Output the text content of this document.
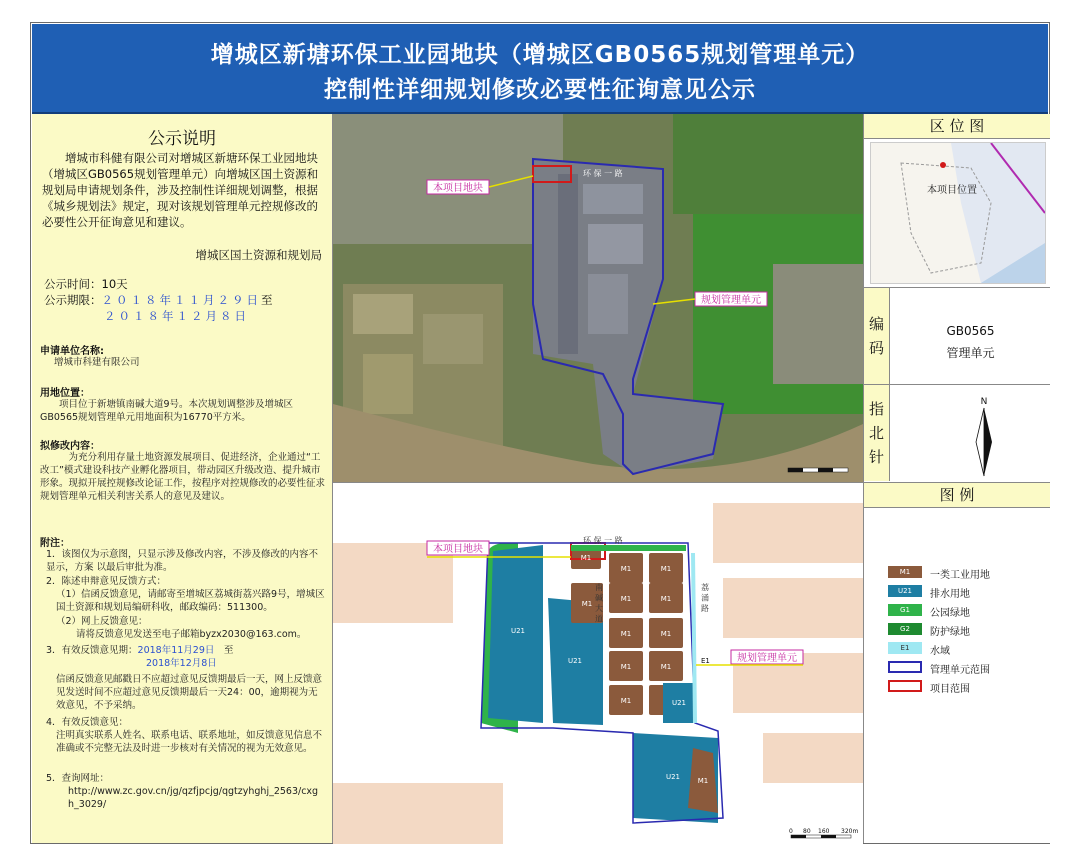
增城区新塘环保工业园地块（增城区GB0565规划管理单元）
控制性详细规划修改必要性征询意见公示
公示说明
增城市科健有限公司对增城区新塘环保工业园地块（增城区GB0565规划管理单元）向增城区国土资源和规划局申请规划条件，涉及控制性详细规划调整，根据《城乡规划法》规定，现对该规划管理单元控规修改的必要性公开征询意见和建议。
增城区国土资源和规划局
公示时间：10天
公示期限：２０１８年１１月２９日至
２０１８年１２月８日
申请单位名称:
增城市科建有限公司
用地位置：
项目位于新塘镇南碱大道9号。本次规划调整涉及增城区GB0565规划管理单元用地面积为16770平方米。
拟修改内容：
为充分利用存量土地资源发展项目、促进经济，企业通过“工改工”模式建设科技产业孵化器项目，带动园区升级改造、提升城市形象。现拟开展控规修改论证工作，按程序对控规修改的必要性征求规划管理单元相关利害关系人的意见及建议。
附注：
1．该图仅为示意图，只显示涉及修改内容，不涉及修改的内容不显示，方案 以最后审批为准。
2．陈述申辩意见反馈方式：
（1）信函反馈意见，请邮寄至增城区荔城街荔兴路9号，增城区国土资源和规划局编研科收，邮政编码：511300。
（2）网上反馈意见：
请将反馈意见发送至电子邮箱byzx2030@163.com。
3．有效反馈意见期：2018年11月29日　 至
2018年12月8日
信函反馈意见邮戳日不应超过意见反馈期最后一天，网上反馈意见发送时间不应超过意见反馈期最后一天24：00，逾期视为无效意见，不予采纳。
4．有效反馈意见：
注明真实联系人姓名、联系电话、联系地址，如反馈意见信息不准确或不完整无法及时进一步核对有关情况的视为无效意见。
5．查询网址：
http://www.zc.gov.cn/jg/qzfjpcjg/qgtzyhghj_2563/cxgh_3029/
本项目地块
规划管理单元
环 保 一 路
M1
M1	M1
M1
M1	M1
M1	M1
M1	M1
M1
M1
U21
U21
U21
U21
E1
环 保 一 路
南 碱 大 道	荔 涌 路
本项目地块
规划管理单元
0 80 160 320m
区 位 图
本项目位置
编 码
GB0565
管理单元
指 北 针
N
图 例
M1	一类工业用地
U21	排水用地
G1	公园绿地
G2	防护绿地
E1	水域
管理单元范围
项目范围
